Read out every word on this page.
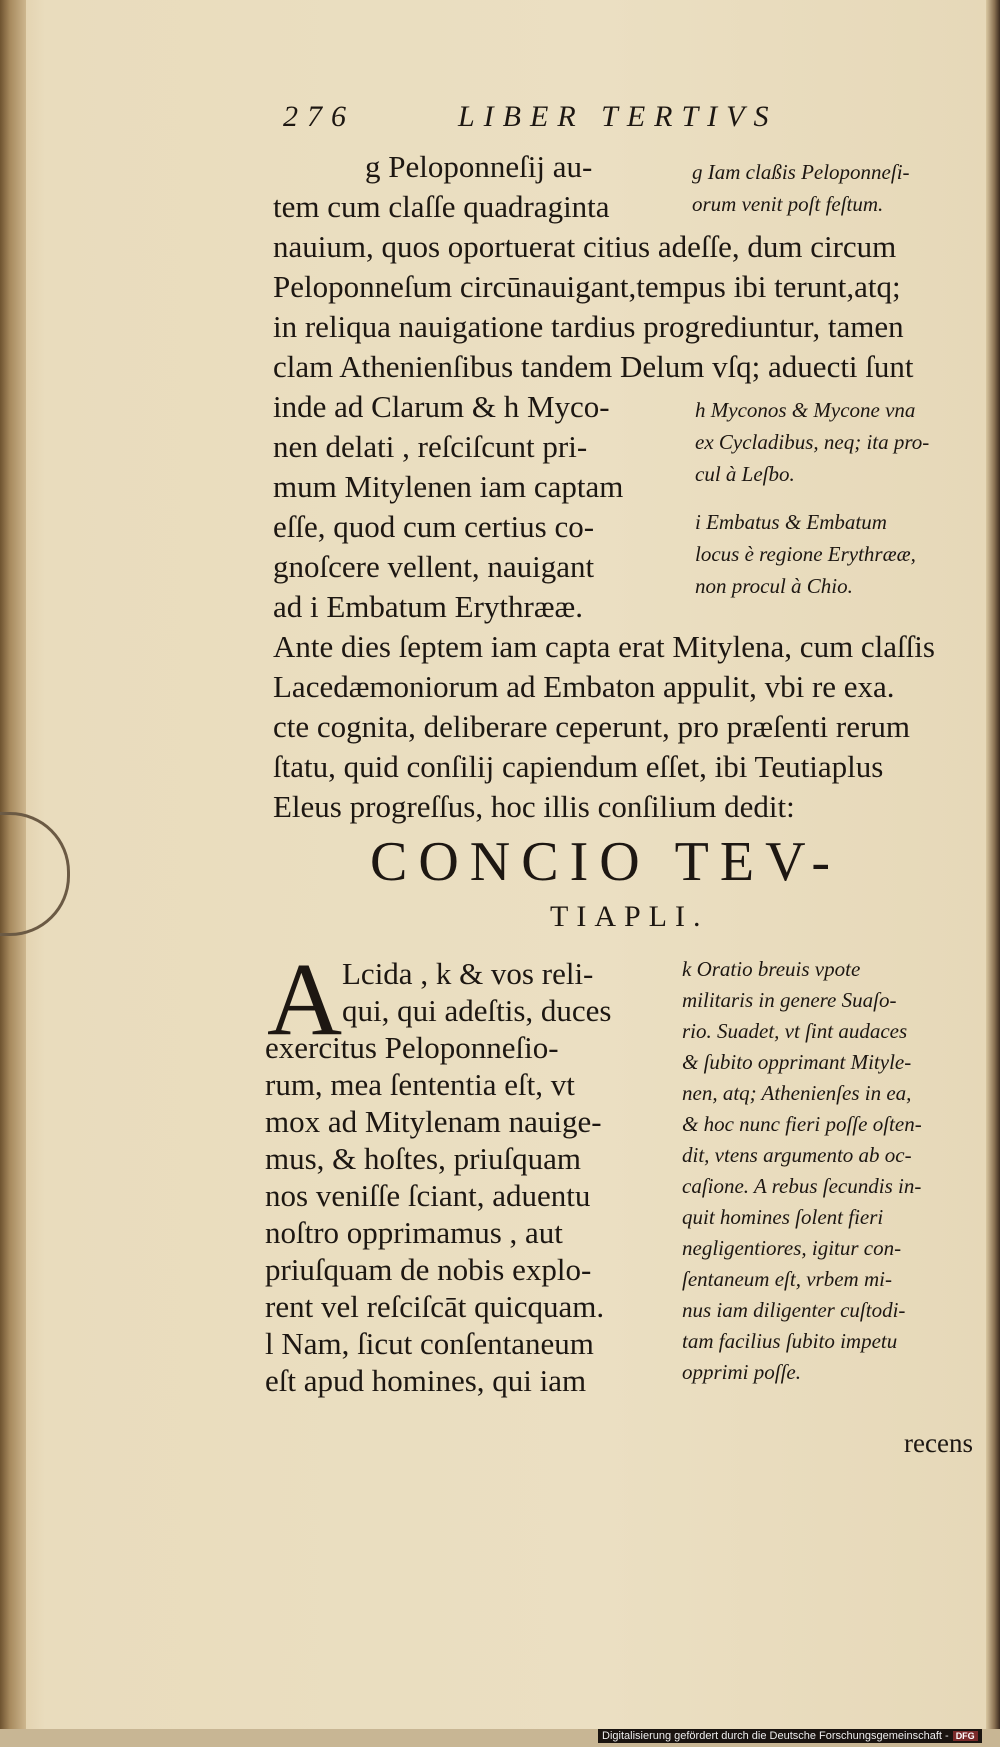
276	LIBER TERTIVS
g Peloponneſij au-
tem cum claſſe quadraginta
nauium, quos oportuerat citius adeſſe, dum circum
Peloponneſum circūnauigant,tempus ibi terunt,atq;
in reliqua nauigatione tardius progrediuntur, tamen
clam Athenienſibus tandem Delum vſq; aduecti ſunt
inde ad Clarum & h Myco-
nen delati , reſciſcunt pri-
mum Mitylenen iam captam
eſſe, quod cum certius co-
gnoſcere vellent, nauigant
ad i Embatum Erythrææ.
Ante dies ſeptem iam capta erat Mitylena, cum claſſis
Lacedæmoniorum ad Embaton appulit, vbi re exa.
cte cognita, deliberare ceperunt, pro præſenti rerum
ſtatu, quid conſilij capiendum eſſet, ibi Teutiaplus
Eleus progreſſus, hoc illis conſilium dedit:
g Iam claßis Peloponneſi-
orum venit poſt feſtum.
h Myconos & Mycone vna
ex Cycladibus, neq; ita pro-
cul à Leſbo.
i Embatus & Embatum
locus è regione Erythrææ,
non procul à Chio.
CONCIO TEV-
TIAPLI.
A Lcida , k & vos reli-
qui, qui adeſtis, duces
exercitus Peloponneſio-
rum, mea ſententia eſt, vt
mox ad Mitylenam nauige-
mus, & hoſtes, priuſquam
nos veniſſe ſciant, aduentu
noſtro opprimamus , aut
priuſquam de nobis explo-
rent vel reſciſcāt quicquam.
l Nam, ſicut conſentaneum
eſt apud homines, qui iam
k Oratio breuis vpote
militaris in genere Suaſo-
rio. Suadet, vt ſint audaces
& ſubito opprimant Mityle-
nen, atq; Athenienſes in ea,
& hoc nunc fieri poſſe oſten-
dit, vtens argumento ab oc-
caſione. A rebus ſecundis in-
quit homines ſolent fieri
negligentiores, igitur con-
ſentaneum eſt, vrbem mi-
nus iam diligenter cuſtodi-
tam facilius ſubito impetu
opprimi poſſe.
recens
Digitalisierung gefördert durch die Deutsche Forschungsgemeinschaft - DFG
